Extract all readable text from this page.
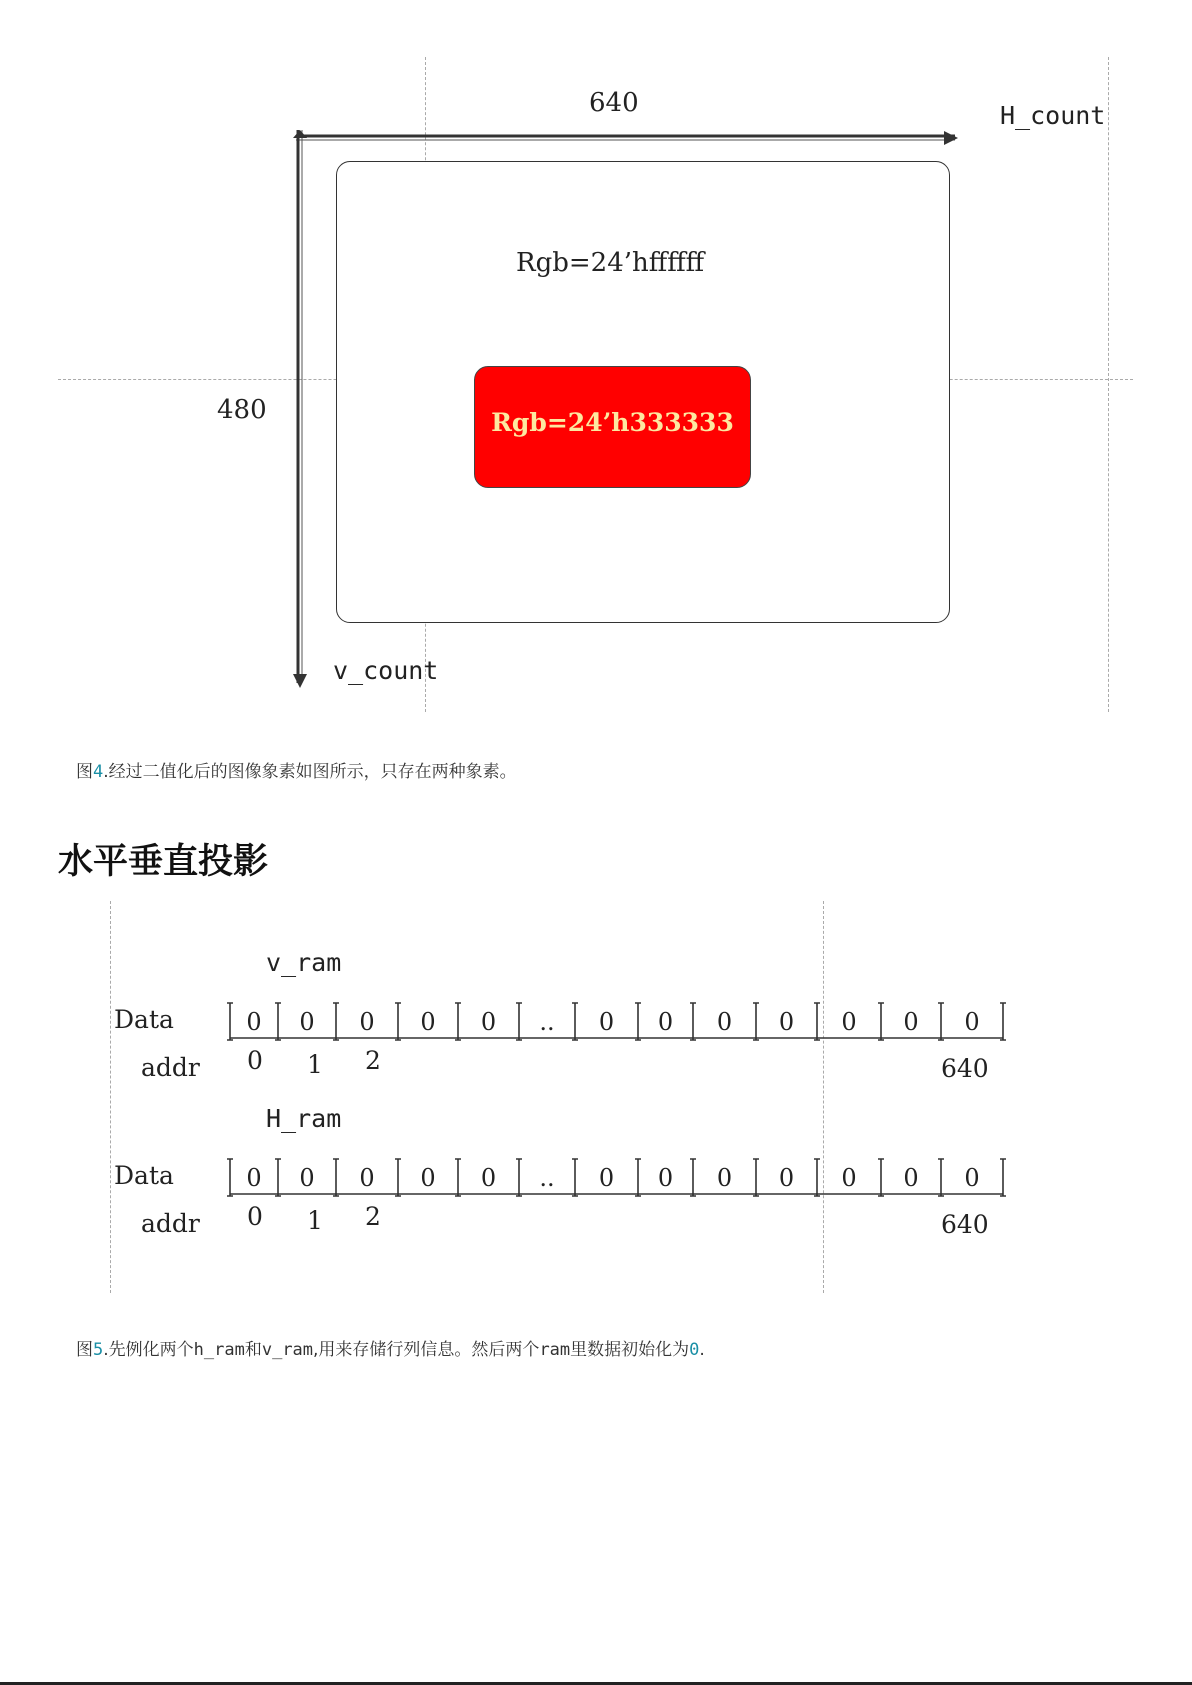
640	H_count
480
v_count
Rgb=24’hffffff
Rgb=24’h333333
图4.经过二值化后的图像象素如图所示，只存在两种象素。
水平垂直投影
v_ram
Data
addr
0 0 0 0 0 .. 0 0 0 0 0 0 0
0 1 2	640
H_ram
Data
addr
0 0 0 0 0 .. 0 0 0 0 0 0 0
0 1 2	640
图5.先例化两个h_ram和v_ram,用来存储行列信息。然后两个ram里数据初始化为0.
